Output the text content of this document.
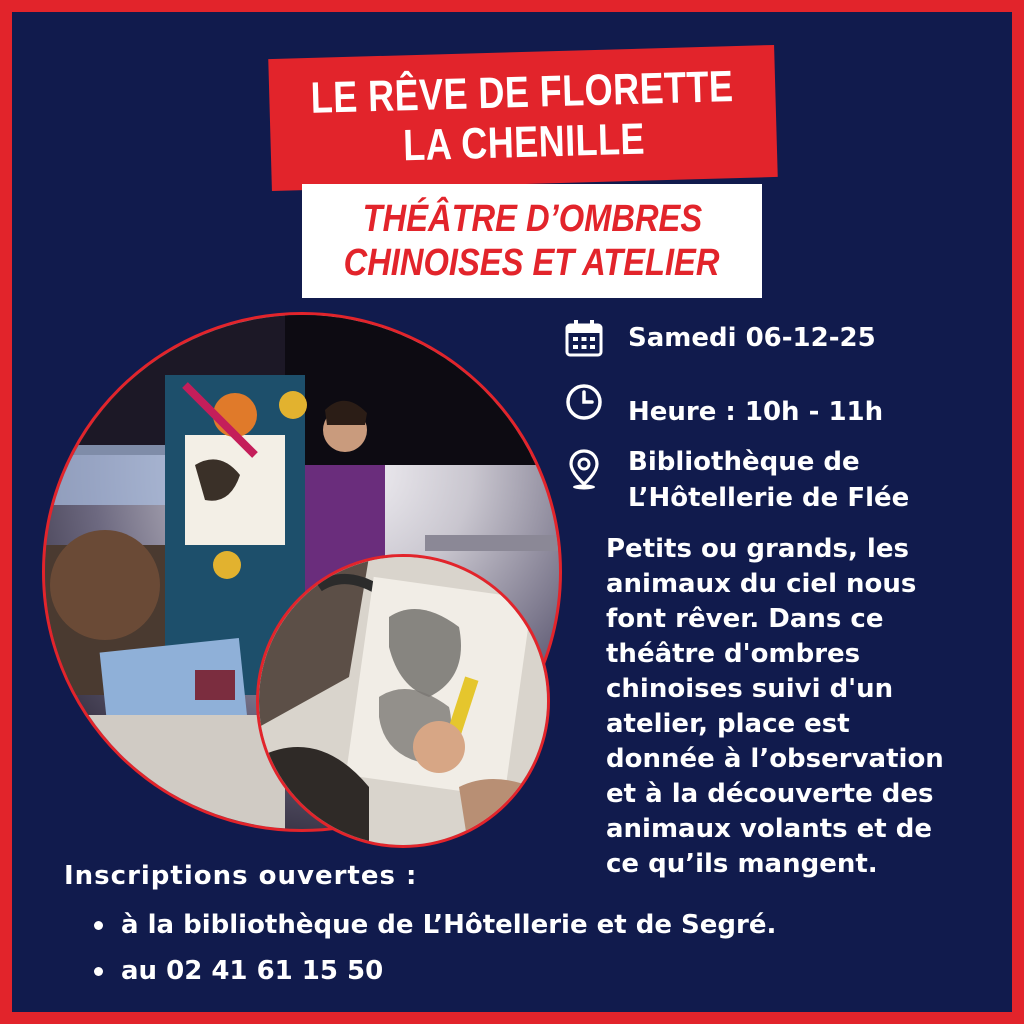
LE RÊVE DE FLORETTE
LA CHENILLE
THÉÂTRE D’OMBRES
CHINOISES ET ATELIER
Samedi 06-12-25
Heure : 10h - 11h
Bibliothèque de
L’Hôtellerie de Flée
Petits ou grands, les
animaux du ciel nous
font rêver. Dans ce
théâtre d'ombres
chinoises suivi d'un
atelier, place est
donnée à l’observation
et à la découverte des
animaux volants et de
ce qu’ils mangent.
Inscriptions ouvertes :
à la bibliothèque de L’Hôtellerie et de Segré.
au 02 41 61 15 50
